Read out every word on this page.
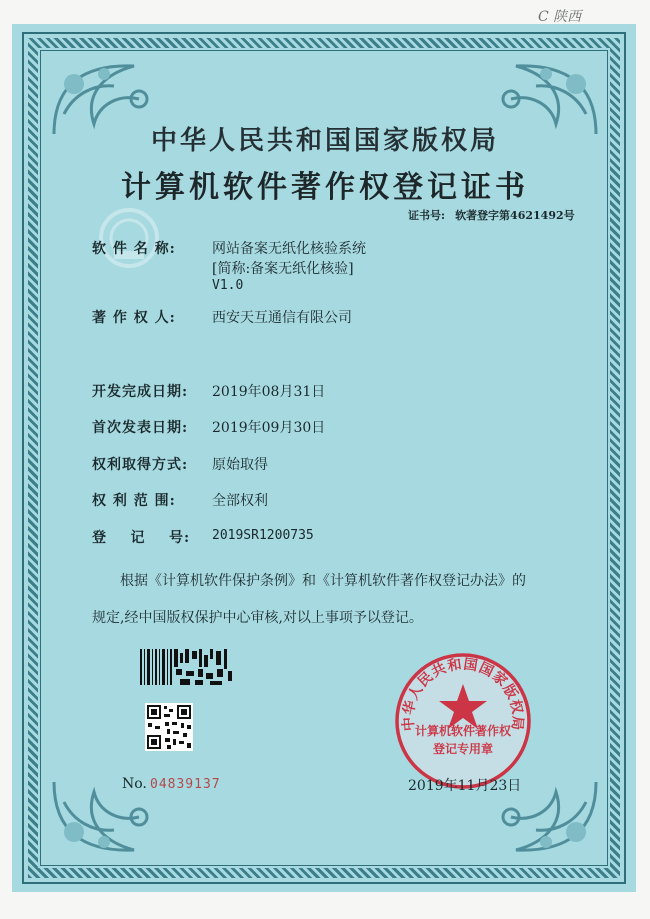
C 陕西
中华人民共和国国家版权局
计算机软件著作权登记证书
证书号: 软著登字第4621492号
软 件 名 称:	网站备案无纸化核验系统
[简称:备案无纸化核验]
V1.0
著 作 权 人:	西安天互通信有限公司
开发完成日期: 2019年08月31日
首次发表日期: 2019年09月30日
权利取得方式: 原始取得
权 利 范 围:	全部权利
登    记    号: 2019SR1200735
根据《计算机软件保护条例》和《计算机软件著作权登记办法》的
规定,经中国版权保护中心审核,对以上事项予以登记。
No. 04839137
中华人民共和国国家版权局
计算机软件著作权
登记专用章
2019年11月23日
